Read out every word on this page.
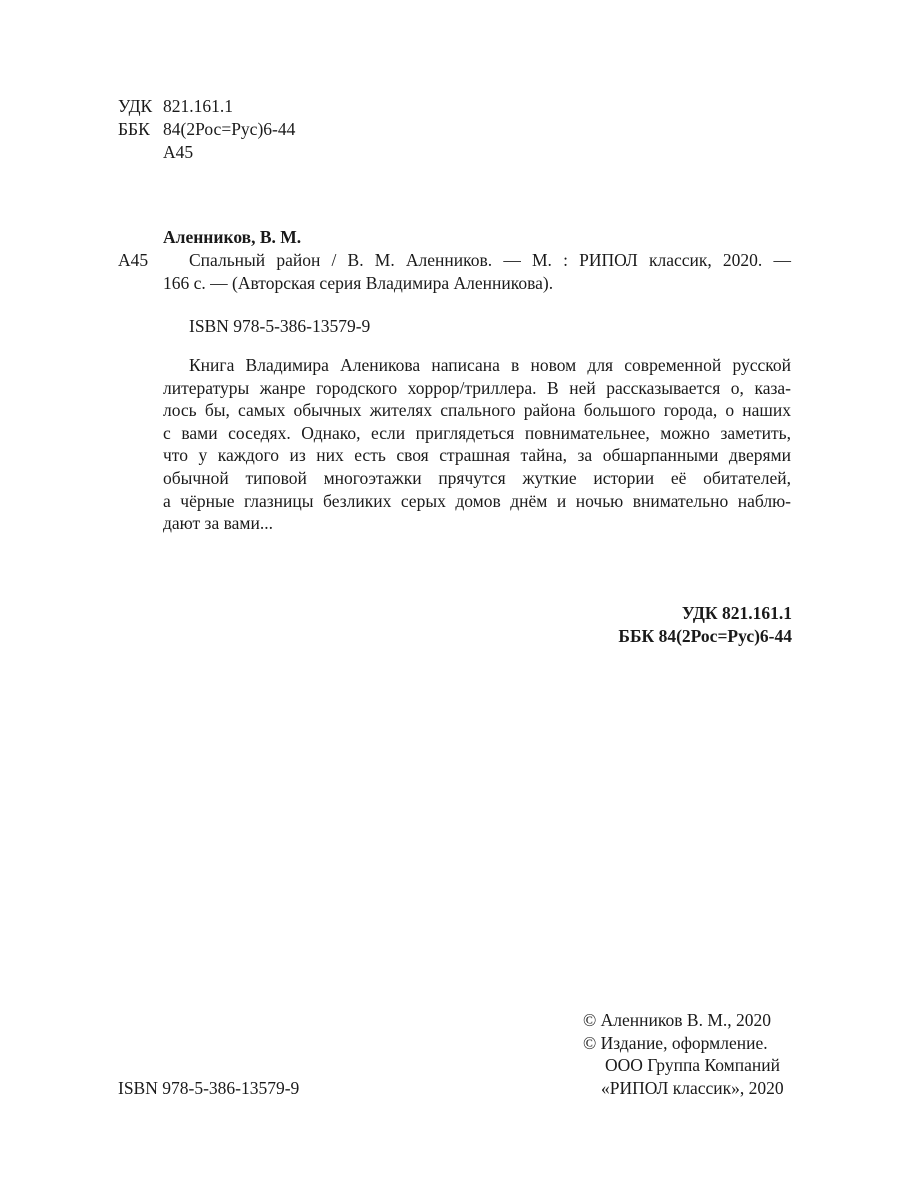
УДК 821.161.1
ББК 84(2Рос=Рус)6-44
А45
Аленников, В. М.
А45 Спальный район / В. М. Аленников. — М. : РИПОЛ классик, 2020. —
166 с. — (Авторская серия Владимира Аленникова).
ISBN 978-5-386-13579-9
Книга Владимира Аленикова написана в новом для современной русской
литературы жанре городского хоррор/триллера. В ней рассказывается о, каза-
лось бы, самых обычных жителях спального района большого города, о наших
с вами соседях. Однако, если приглядеться повнимательнее, можно заметить,
что у каждого из них есть своя страшная тайна, за обшарпанными дверями
обычной типовой многоэтажки прячутся жуткие истории её обитателей,
а чёрные глазницы безликих серых домов днём и ночью внимательно наблю-
дают за вами...
УДК 821.161.1
ББК 84(2Рос=Рус)6-44
© Аленников В. М., 2020
© Издание, оформление.
ООО Группа Компаний
«РИПОЛ классик», 2020
ISBN 978-5-386-13579-9
